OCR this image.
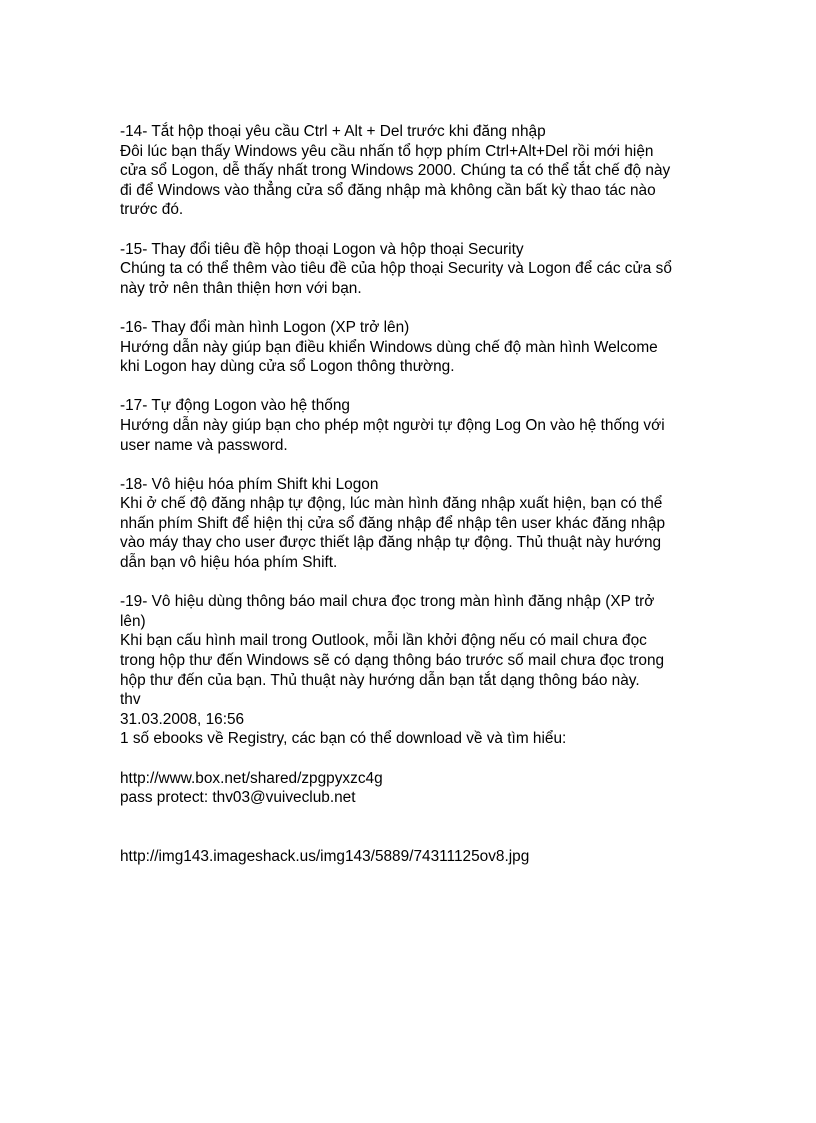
-14- Tắt hộp thoại yêu cầu Ctrl + Alt + Del trước khi đăng nhập
Đôi lúc bạn thấy Windows yêu cầu nhấn tổ hợp phím Ctrl+Alt+Del rồi mới hiện
cửa sổ Logon, dễ thấy nhất trong Windows 2000. Chúng ta có thể tắt chế độ này
đi để Windows vào thẳng cửa sổ đăng nhập mà không cần bất kỳ thao tác nào
trước đó.
-15- Thay đổi tiêu đề hộp thoại Logon và hộp thoại Security
Chúng ta có thể thêm vào tiêu đề của hộp thoại Security và Logon để các cửa sổ
này trở nên thân thiện hơn với bạn.
-16- Thay đổi màn hình Logon (XP trở lên)
Hướng dẫn này giúp bạn điều khiển Windows dùng chế độ màn hình Welcome
khi Logon hay dùng cửa sổ Logon thông thường.
-17- Tự động Logon vào hệ thống
Hướng dẫn này giúp bạn cho phép một người tự động Log On vào hệ thống với
user name và password.
-18- Vô hiệu hóa phím Shift khi Logon
Khi ở chế độ đăng nhập tự động, lúc màn hình đăng nhập xuất hiện, bạn có thể
nhấn phím Shift để hiện thị cửa sổ đăng nhập để nhập tên user khác đăng nhập
vào máy thay cho user được thiết lập đăng nhập tự động. Thủ thuật này hướng
dẫn bạn vô hiệu hóa phím Shift.
-19- Vô hiệu dùng thông báo mail chưa đọc trong màn hình đăng nhập (XP trở
lên)
Khi bạn cấu hình mail trong Outlook, mỗi lần khởi động nếu có mail chưa đọc
trong hộp thư đến Windows sẽ có dạng thông báo trước số mail chưa đọc trong
hộp thư đến của bạn. Thủ thuật này hướng dẫn bạn tắt dạng thông báo này.
thv
31.03.2008, 16:56
1 số ebooks về Registry, các bạn có thể download về và tìm hiểu:
http://www.box.net/shared/zpgpyxzc4g
pass protect: thv03@vuiveclub.net
http://img143.imageshack.us/img143/5889/74311125ov8.jpg
